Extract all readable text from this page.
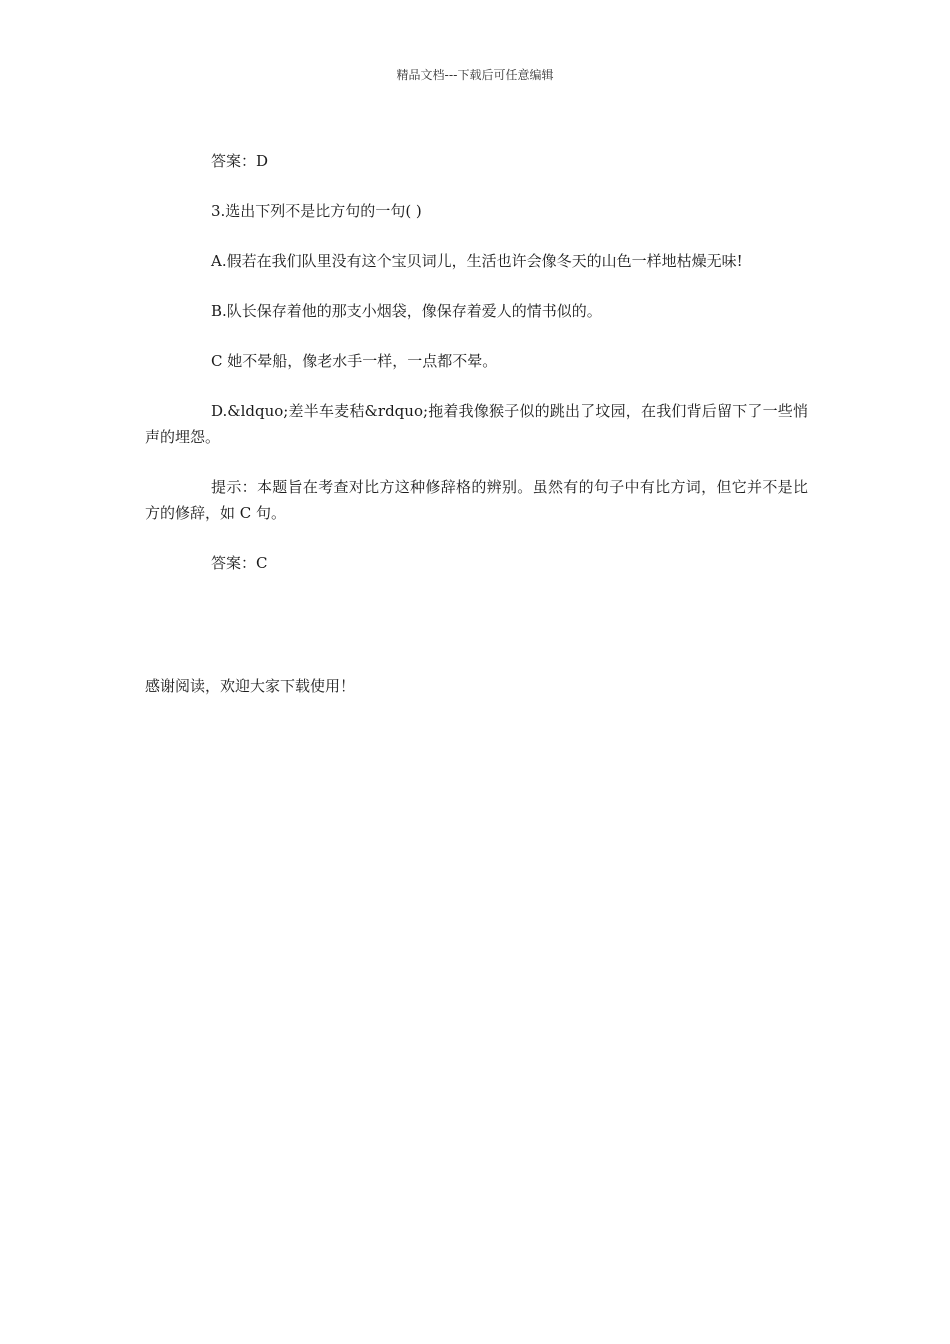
精品文档---下载后可任意编辑

答案：D

3.选出下列不是比方句的一句( )

A.假若在我们队里没有这个宝贝词儿，生活也许会像冬天的山色一样地枯燥无味!

B.队长保存着他的那支小烟袋，像保存着爱人的情书似的。

C 她不晕船，像老水手一样，一点都不晕。

D.&ldquo;差半车麦秸&rdquo;拖着我像猴子似的跳出了坟园，在我们背后留下了一些悄声的埋怨。

提示：本题旨在考查对比方这种修辞格的辨别。虽然有的句子中有比方词，但它并不是比方的修辞，如 C 句。

答案：C

感谢阅读，欢迎大家下载使用！
